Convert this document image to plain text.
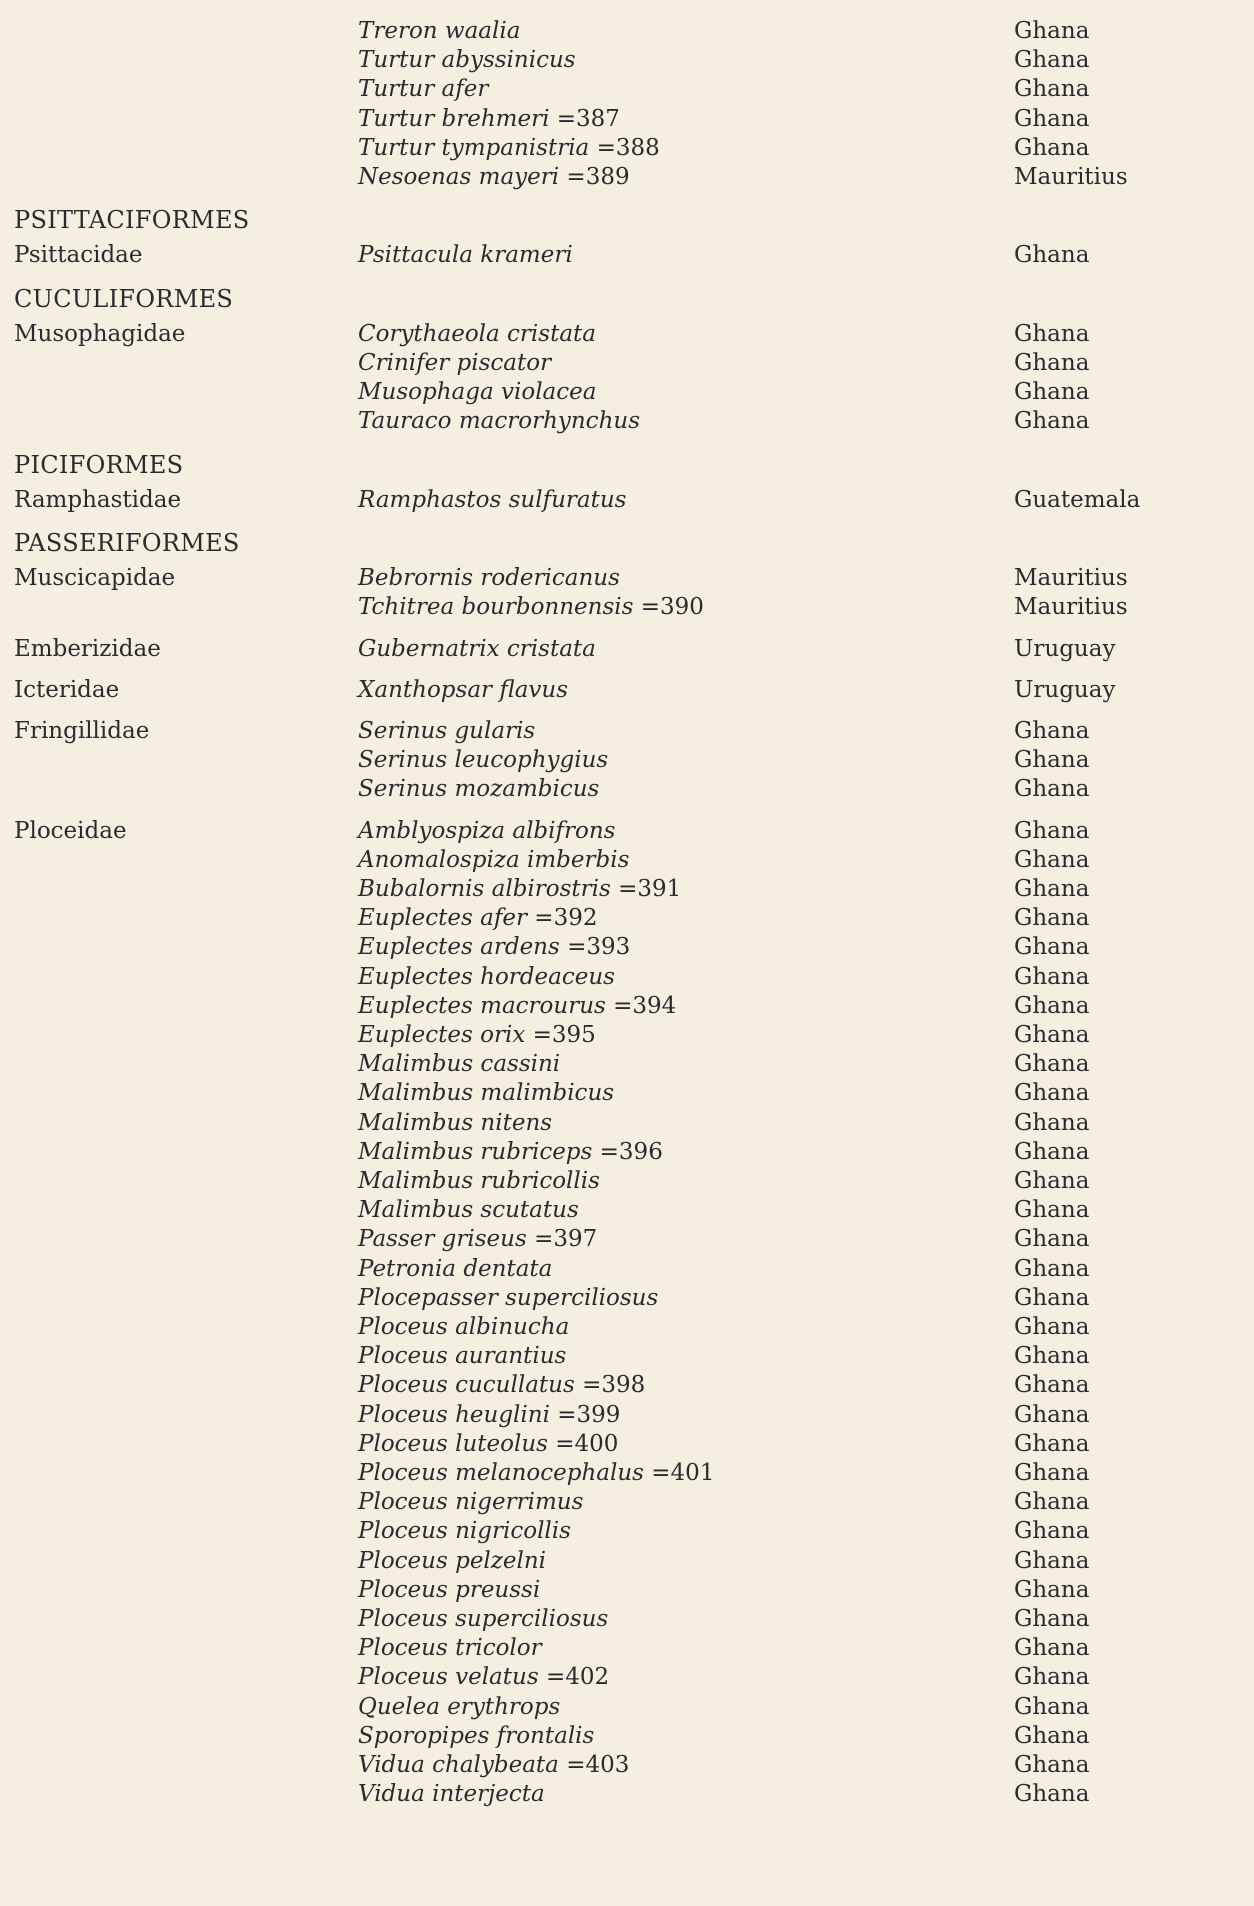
Treron waalia	Ghana
Turtur abyssinicus	Ghana
Turtur afer	Ghana
Turtur brehmeri =387	Ghana
Turtur tympanistria =388	Ghana
Nesoenas mayeri =389	Mauritius
PSITTACIFORMES
Psittacidae	Psittacula krameri	Ghana
CUCULIFORMES
Musophagidae	Corythaeola cristata	Ghana
Crinifer piscator	Ghana
Musophaga violacea	Ghana
Tauraco macrorhynchus	Ghana
PICIFORMES
Ramphastidae	Ramphastos sulfuratus	Guatemala
PASSERIFORMES
Muscicapidae	Bebrornis rodericanus	Mauritius
Tchitrea bourbonnensis =390	Mauritius
Emberizidae	Gubernatrix cristata	Uruguay
Icteridae	Xanthopsar flavus	Uruguay
Fringillidae	Serinus gularis	Ghana
Serinus leucophygius	Ghana
Serinus mozambicus	Ghana
Ploceidae	Amblyospiza albifrons	Ghana
Anomalospiza imberbis	Ghana
Bubalornis albirostris =391	Ghana
Euplectes afer =392	Ghana
Euplectes ardens =393	Ghana
Euplectes hordeaceus	Ghana
Euplectes macrourus =394	Ghana
Euplectes orix =395	Ghana
Malimbus cassini	Ghana
Malimbus malimbicus	Ghana
Malimbus nitens	Ghana
Malimbus rubriceps =396	Ghana
Malimbus rubricollis	Ghana
Malimbus scutatus	Ghana
Passer griseus =397	Ghana
Petronia dentata	Ghana
Plocepasser superciliosus	Ghana
Ploceus albinucha	Ghana
Ploceus aurantius	Ghana
Ploceus cucullatus =398	Ghana
Ploceus heuglini =399	Ghana
Ploceus luteolus =400	Ghana
Ploceus melanocephalus =401	Ghana
Ploceus nigerrimus	Ghana
Ploceus nigricollis	Ghana
Ploceus pelzelni	Ghana
Ploceus preussi	Ghana
Ploceus superciliosus	Ghana
Ploceus tricolor	Ghana
Ploceus velatus =402	Ghana
Quelea erythrops	Ghana
Sporopipes frontalis	Ghana
Vidua chalybeata =403	Ghana
Vidua interjecta	Ghana
